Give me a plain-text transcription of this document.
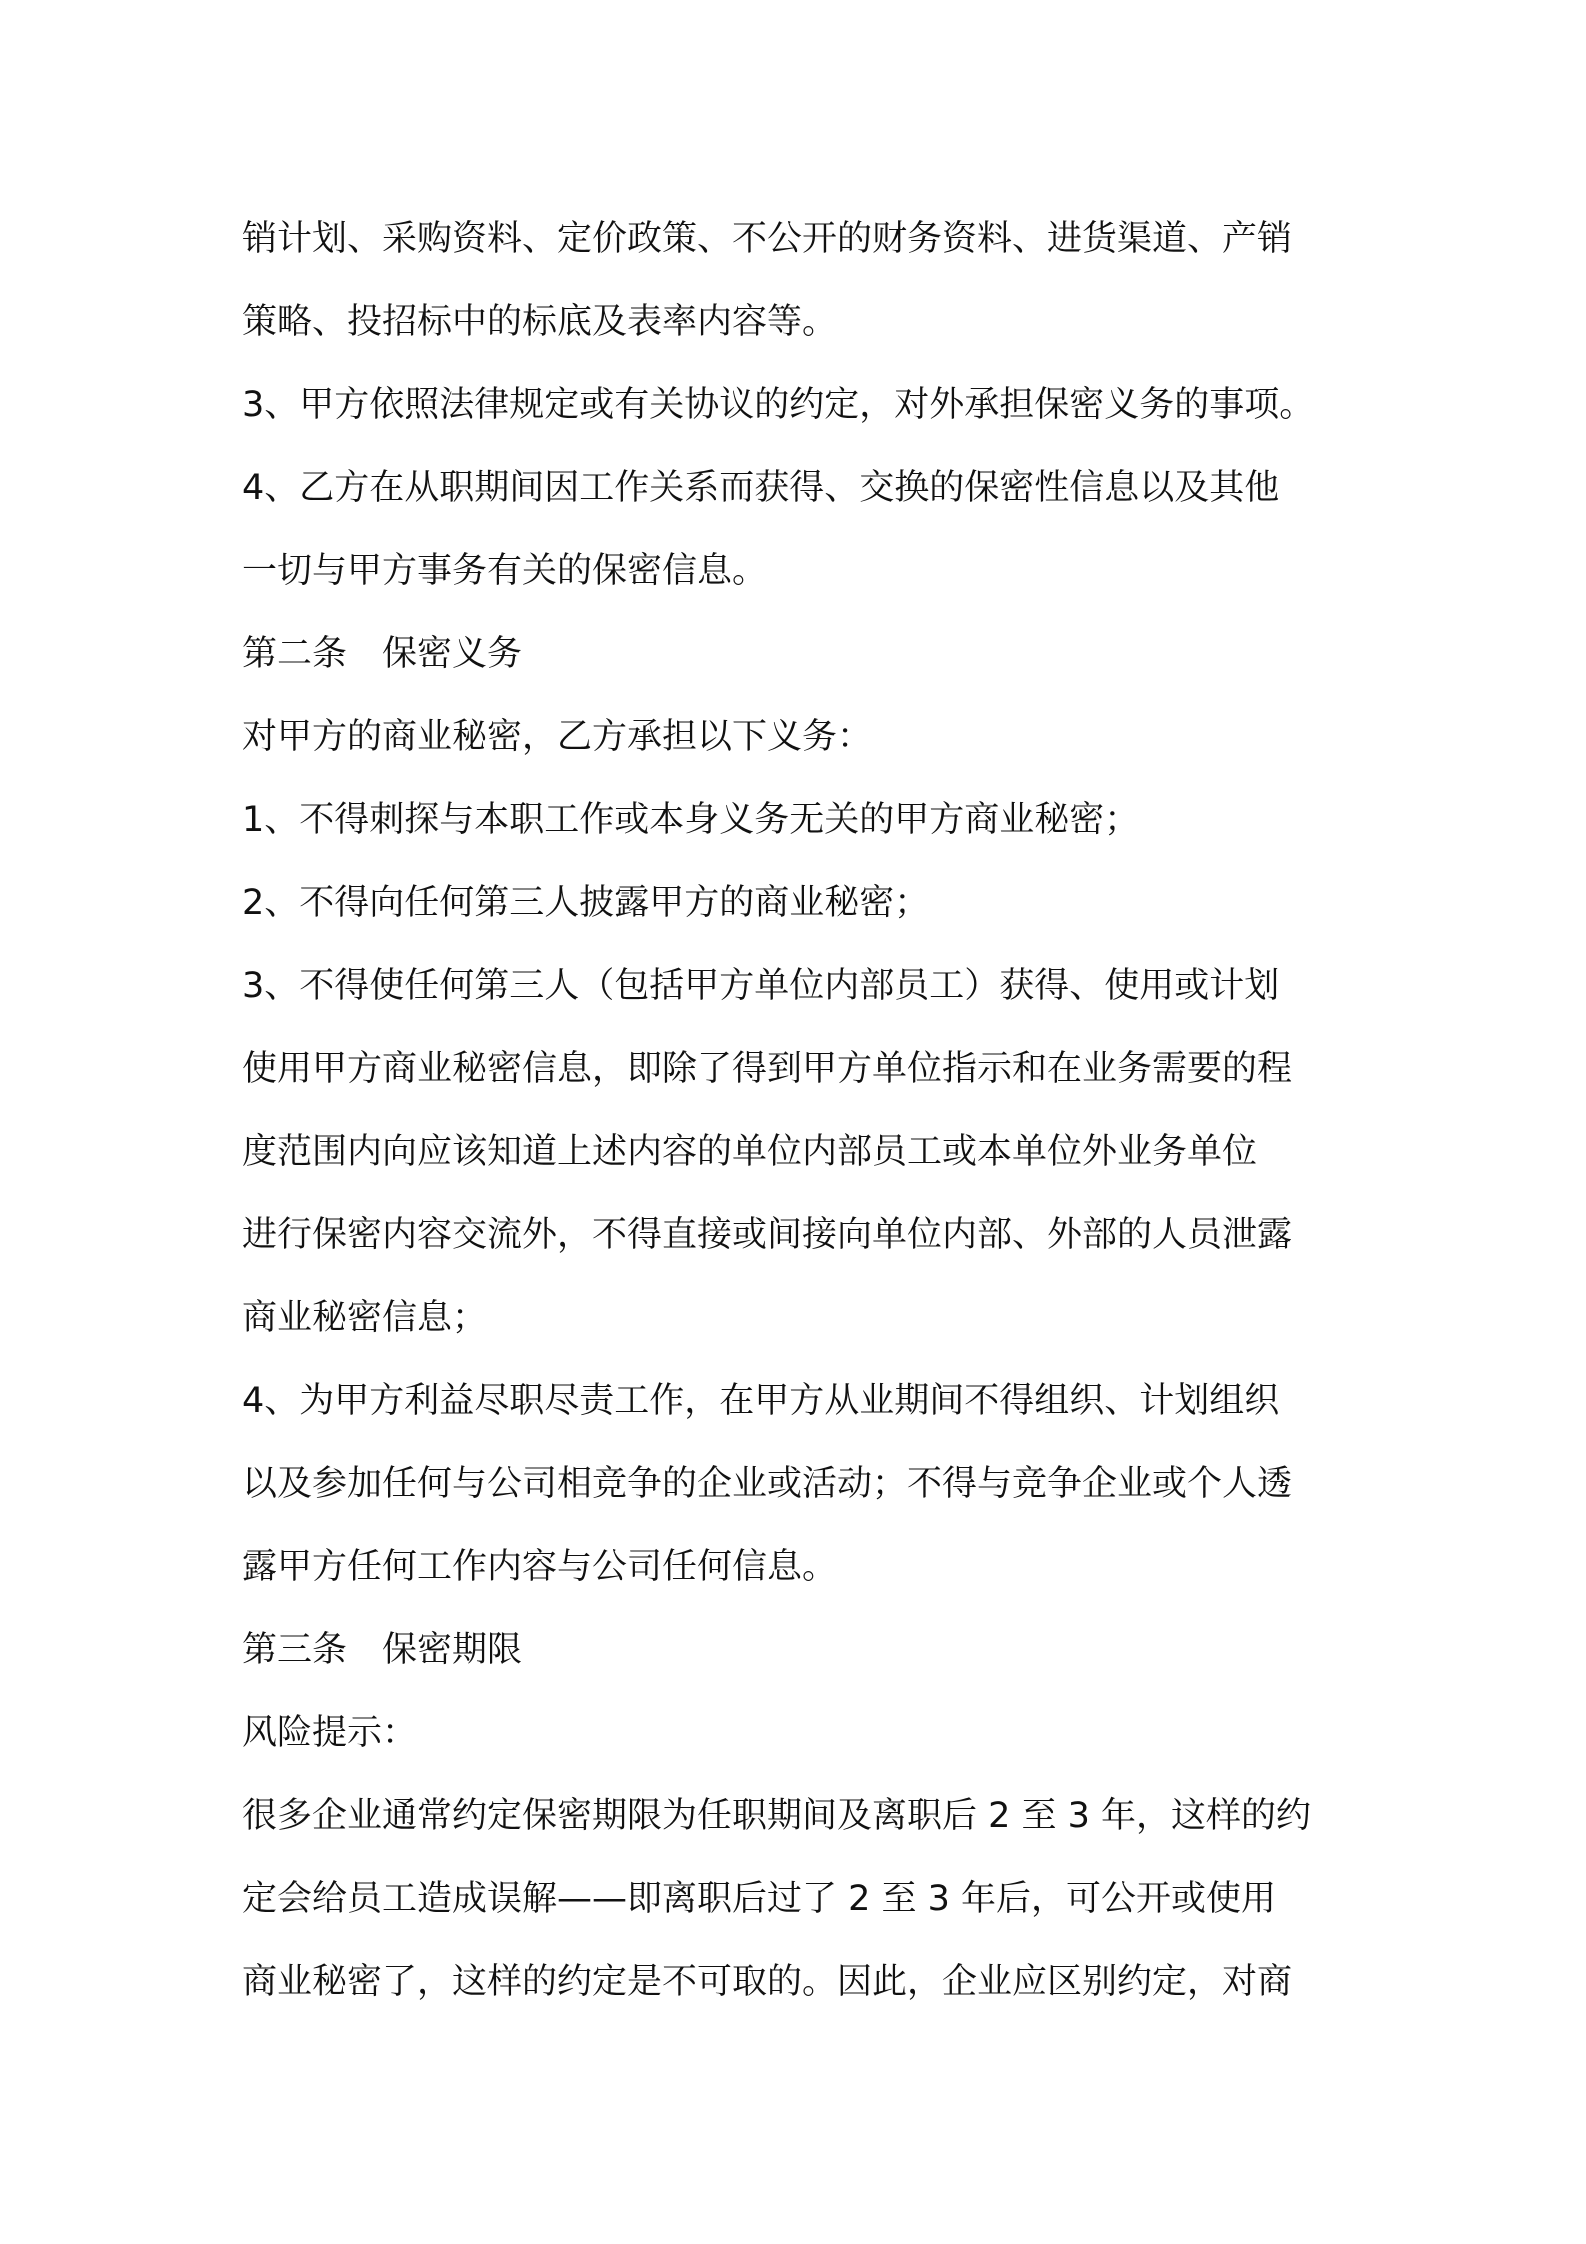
销计划、采购资料、定价政策、不公开的财务资料、进货渠道、产销
策略、投招标中的标底及表率内容等。
3、甲方依照法律规定或有关协议的约定，对外承担保密义务的事项。
4、乙方在从职期间因工作关系而获得、交换的保密性信息以及其他
一切与甲方事务有关的保密信息。
第二条　保密义务
对甲方的商业秘密，乙方承担以下义务：
1、不得刺探与本职工作或本身义务无关的甲方商业秘密；
2、不得向任何第三人披露甲方的商业秘密；
3、不得使任何第三人（包括甲方单位内部员工）获得、使用或计划
使用甲方商业秘密信息，即除了得到甲方单位指示和在业务需要的程
度范围内向应该知道上述内容的单位内部员工或本单位外业务单位
进行保密内容交流外，不得直接或间接向单位内部、外部的人员泄露
商业秘密信息；
4、为甲方利益尽职尽责工作，在甲方从业期间不得组织、计划组织
以及参加任何与公司相竞争的企业或活动；不得与竞争企业或个人透
露甲方任何工作内容与公司任何信息。
第三条　保密期限
风险提示：
很多企业通常约定保密期限为任职期间及离职后 2 至 3 年，这样的约
定会给员工造成误解——即离职后过了 2 至 3 年后，可公开或使用
商业秘密了，这样的约定是不可取的。因此，企业应区别约定，对商
